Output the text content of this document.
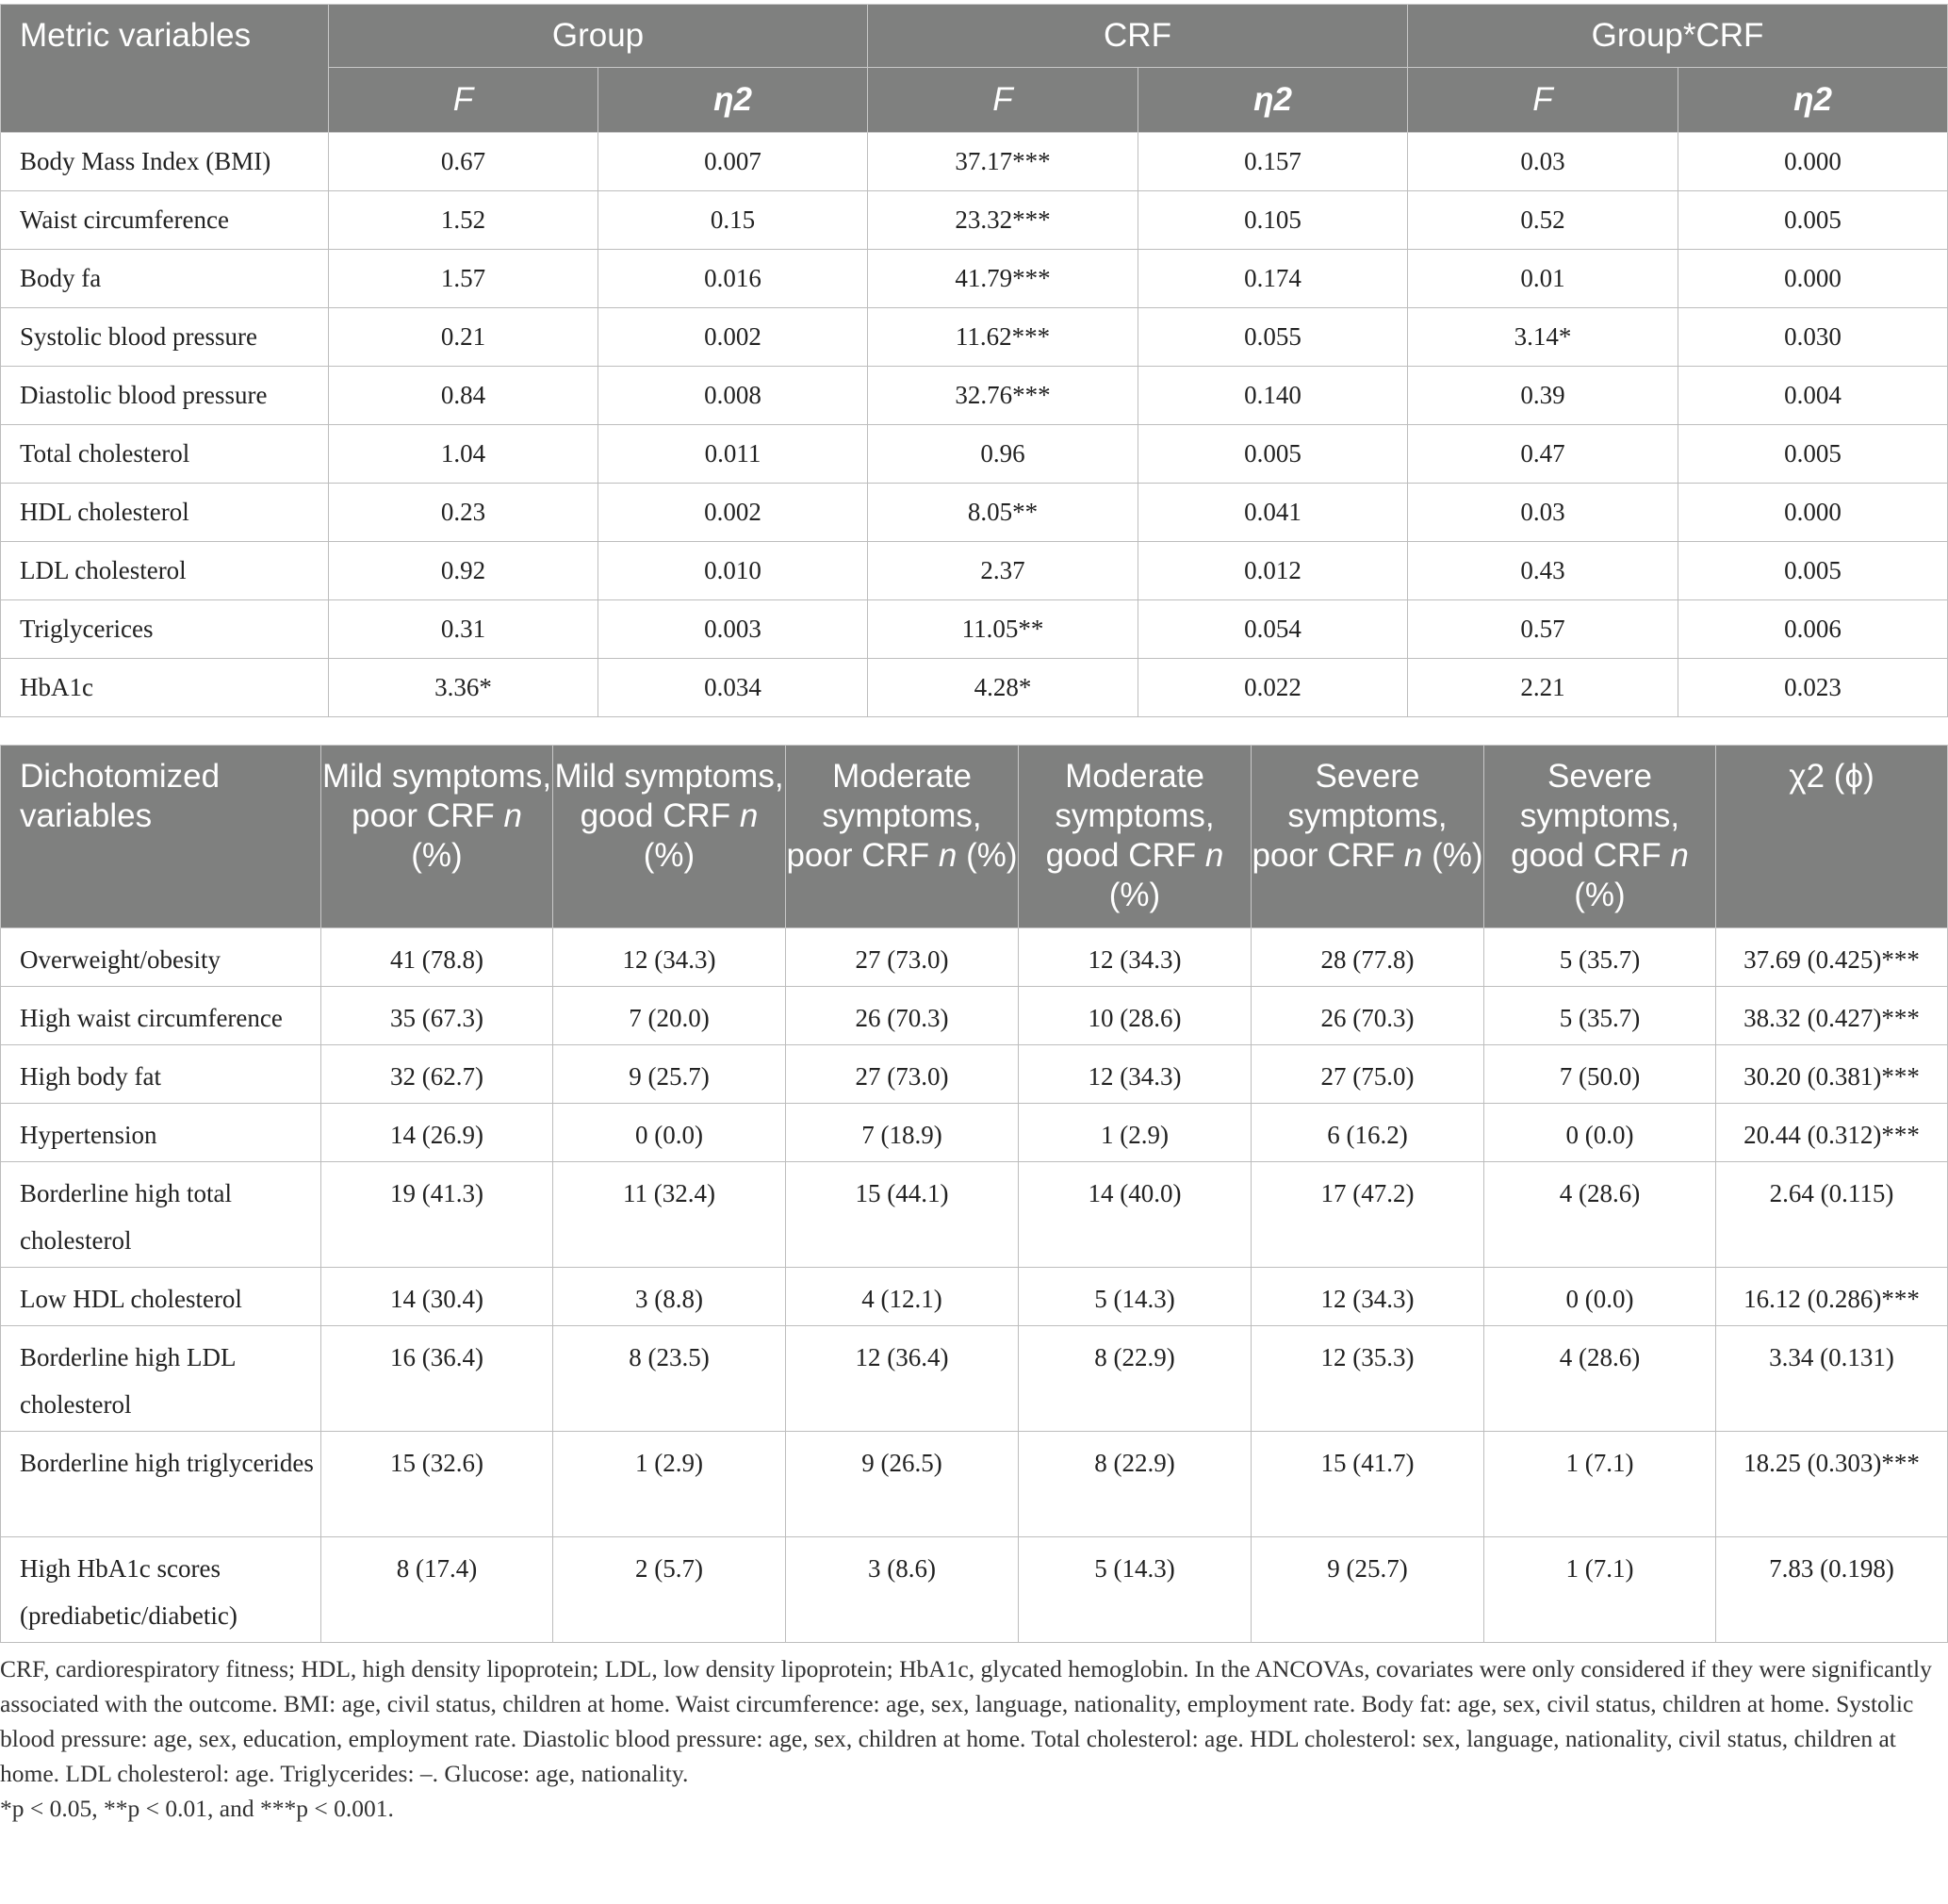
Metric variables	Group		CRF		Group*CRF	
	F	η2	F	η2	F	η2
Body Mass Index (BMI)	0.67	0.007	37.17***	0.157	0.03	0.000
Waist circumference	1.52	0.15	23.32***	0.105	0.52	0.005
Body fa	1.57	0.016	41.79***	0.174	0.01	0.000
Systolic blood pressure	0.21	0.002	11.62***	0.055	3.14*	0.030
Diastolic blood pressure	0.84	0.008	32.76***	0.140	0.39	0.004
Total cholesterol	1.04	0.011	0.96	0.005	0.47	0.005
HDL cholesterol	0.23	0.002	8.05**	0.041	0.03	0.000
LDL cholesterol	0.92	0.010	2.37	0.012	0.43	0.005
Triglycerices	0.31	0.003	11.05**	0.054	0.57	0.006
HbA1c	3.36*	0.034	4.28*	0.022	2.21	0.023
Dichotomized variables	Mild symptoms, poor CRF n (%)	Mild symptoms, good CRF n (%)	Moderate symptoms, poor CRF n (%)	Moderate symptoms, good CRF n (%)	Severe symptoms, poor CRF n (%)	Severe symptoms, good CRF n (%)	χ2 (ϕ)
Overweight/obesity	41 (78.8)	12 (34.3)	27 (73.0)	12 (34.3)	28 (77.8)	5 (35.7)	37.69 (0.425)***
High waist circumference	35 (67.3)	7 (20.0)	26 (70.3)	10 (28.6)	26 (70.3)	5 (35.7)	38.32 (0.427)***
High body fat	32 (62.7)	9 (25.7)	27 (73.0)	12 (34.3)	27 (75.0)	7 (50.0)	30.20 (0.381)***
Hypertension	14 (26.9)	0 (0.0)	7 (18.9)	1 (2.9)	6 (16.2)	0 (0.0)	20.44 (0.312)***
Borderline high total cholesterol	19 (41.3)	11 (32.4)	15 (44.1)	14 (40.0)	17 (47.2)	4 (28.6)	2.64 (0.115)
Low HDL cholesterol	14 (30.4)	3 (8.8)	4 (12.1)	5 (14.3)	12 (34.3)	0 (0.0)	16.12 (0.286)***
Borderline high LDL cholesterol	16 (36.4)	8 (23.5)	12 (36.4)	8 (22.9)	12 (35.3)	4 (28.6)	3.34 (0.131)
Borderline high triglycerides	15 (32.6)	1 (2.9)	9 (26.5)	8 (22.9)	15 (41.7)	1 (7.1)	18.25 (0.303)***
High HbA1c scores (prediabetic/diabetic)	8 (17.4)	2 (5.7)	3 (8.6)	5 (14.3)	9 (25.7)	1 (7.1)	7.83 (0.198)

CRF, cardiorespiratory fitness; HDL, high density lipoprotein; LDL, low density lipoprotein; HbA1c, glycated hemoglobin. In the ANCOVAs, covariates were only considered if they were significantly associated with the outcome. BMI: age, civil status, children at home. Waist circumference: age, sex, language, nationality, employment rate. Body fat: age, sex, civil status, children at home. Systolic blood pressure: age, sex, education, employment rate. Diastolic blood pressure: age, sex, children at home. Total cholesterol: age. HDL cholesterol: sex, language, nationality, civil status, children at home. LDL cholesterol: age. Triglycerides: –. Glucose: age, nationality.

*p < 0.05, **p < 0.01, and ***p < 0.001.
